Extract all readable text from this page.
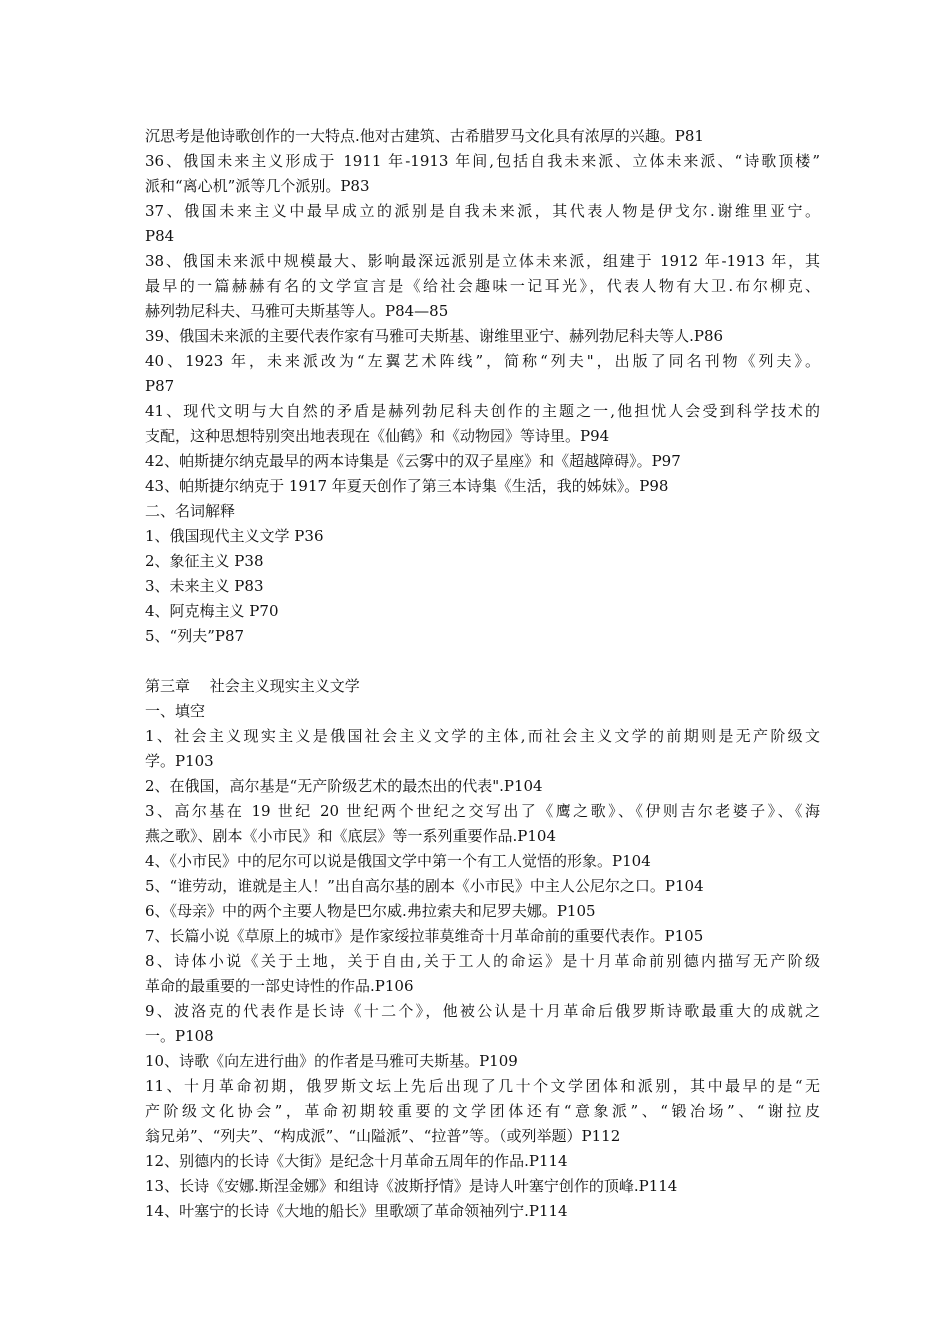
沉思考是他诗歌创作的一大特点.他对古建筑、古希腊罗马文化具有浓厚的兴趣。P81
36、俄国未来主义形成于 1911 年-1913 年间,包括自我未来派、立体未来派、“诗歌顶楼”
派和“离心机”派等几个派别。P83
37、俄国未来主义中最早成立的派别是自我未来派，其代表人物是伊戈尔.谢维里亚宁。
P84
38、俄国未来派中规模最大、影响最深远派别是立体未来派，组建于 1912 年-1913 年，其
最早的一篇赫赫有名的文学宣言是《给社会趣味一记耳光》，代表人物有大卫.布尔柳克、
赫列勃尼科夫、马雅可夫斯基等人。P84—85
39、俄国未来派的主要代表作家有马雅可夫斯基、谢维里亚宁、赫列勃尼科夫等人.P86
40、1923 年，未来派改为“左翼艺术阵线”，简称“列夫"，出版了同名刊物《列夫》。
P87
41、现代文明与大自然的矛盾是赫列勃尼科夫创作的主题之一,他担忧人会受到科学技术的
支配，这种思想特别突出地表现在《仙鹤》和《动物园》等诗里。P94
42、帕斯捷尔纳克最早的两本诗集是《云雾中的双子星座》和《超越障碍》。P97
43、帕斯捷尔纳克于 1917 年夏天创作了第三本诗集《生活，我的姊妹》。P98
二、名词解释
1、俄国现代主义文学 P36
2、象征主义 P38
3、未来主义 P83
4、阿克梅主义 P70
5、“列夫”P87
第三章　 社会主义现实主义文学
一、填空
1、社会主义现实主义是俄国社会主义文学的主体,而社会主义文学的前期则是无产阶级文
学。P103
2、在俄国，高尔基是“无产阶级艺术的最杰出的代表".P104
3、高尔基在 19 世纪 20 世纪两个世纪之交写出了《鹰之歌》、《伊则吉尔老婆子》、《海
燕之歌》、剧本《小市民》和《底层》等一系列重要作品.P104
4、《小市民》中的尼尔可以说是俄国文学中第一个有工人觉悟的形象。P104
5、“谁劳动，谁就是主人！”出自高尔基的剧本《小市民》中主人公尼尔之口。P104
6、《母亲》中的两个主要人物是巴尔威.弗拉索夫和尼罗夫娜。P105
7、长篇小说《草原上的城市》是作家绥拉菲莫维奇十月革命前的重要代表作。P105
8、诗体小说《关于土地，关于自由,关于工人的命运》是十月革命前别德内描写无产阶级
革命的最重要的一部史诗性的作品.P106
9、波洛克的代表作是长诗《十二个》，他被公认是十月革命后俄罗斯诗歌最重大的成就之
一。P108
10、诗歌《向左进行曲》的作者是马雅可夫斯基。P109
11、十月革命初期，俄罗斯文坛上先后出现了几十个文学团体和派别，其中最早的是“无
产阶级文化协会”，革命初期较重要的文学团体还有“意象派”、“锻冶场”、“谢拉皮
翁兄弟”、“列夫”、“构成派”、“山隘派”、“拉普”等。（或列举题）P112
12、别德内的长诗《大街》是纪念十月革命五周年的作品.P114
13、长诗《安娜.斯涅金娜》和组诗《波斯抒情》是诗人叶塞宁创作的顶峰.P114
14、叶塞宁的长诗《大地的船长》里歌颂了革命领袖列宁.P114
